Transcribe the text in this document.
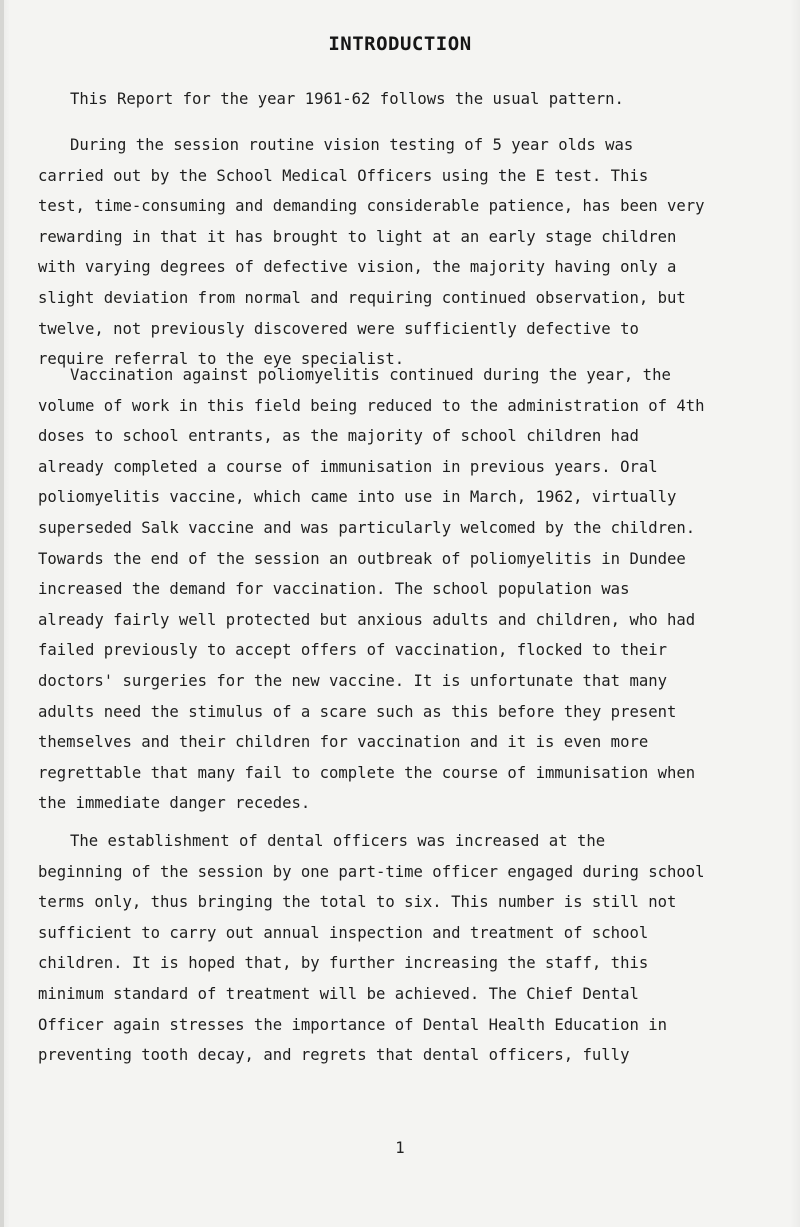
INTRODUCTION
This Report for the year 1961-62 follows the usual pattern.
During the session routine vision testing of 5 year olds was
carried out by the School Medical Officers using the E test. This
test, time-consuming and demanding considerable patience, has been very
rewarding in that it has brought to light at an early stage children
with varying degrees of defective vision, the majority having only a
slight deviation from normal and requiring continued observation, but
twelve, not previously discovered were sufficiently defective to
require referral to the eye specialist.
Vaccination against poliomyelitis continued during the year, the
volume of work in this field being reduced to the administration of 4th
doses to school entrants, as the majority of school children had
already completed a course of immunisation in previous years. Oral
poliomyelitis vaccine, which came into use in March, 1962, virtually
superseded Salk vaccine and was particularly welcomed by the children.
Towards the end of the session an outbreak of poliomyelitis in Dundee
increased the demand for vaccination. The school population was
already fairly well protected but anxious adults and children, who had
failed previously to accept offers of vaccination, flocked to their
doctors' surgeries for the new vaccine. It is unfortunate that many
adults need the stimulus of a scare such as this before they present
themselves and their children for vaccination and it is even more
regrettable that many fail to complete the course of immunisation when
the immediate danger recedes.
The establishment of dental officers was increased at the
beginning of the session by one part-time officer engaged during school
terms only, thus bringing the total to six. This number is still not
sufficient to carry out annual inspection and treatment of school
children. It is hoped that, by further increasing the staff, this
minimum standard of treatment will be achieved. The Chief Dental
Officer again stresses the importance of Dental Health Education in
preventing tooth decay, and regrets that dental officers, fully
1
